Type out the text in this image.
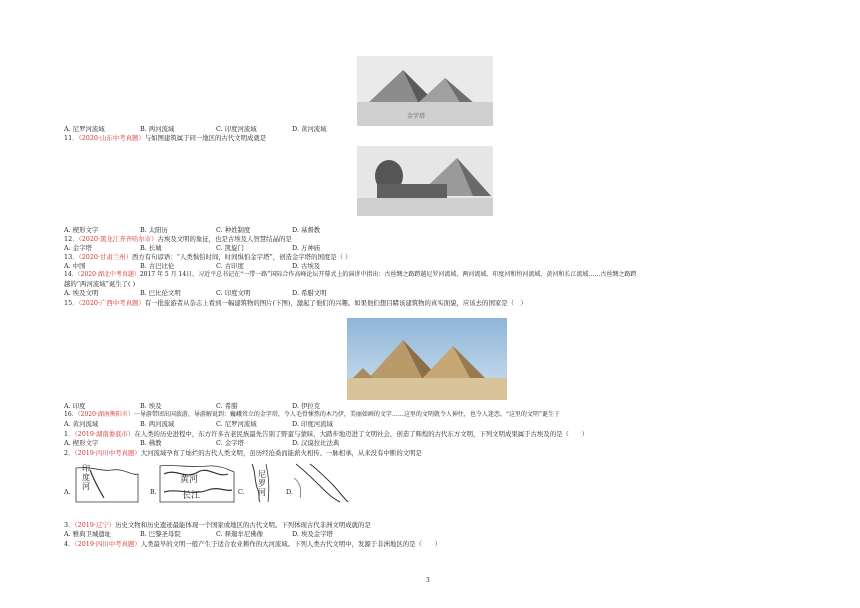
金字塔
A. 尼罗河流域	B. 两河流域	C. 印度河流域	D. 黄河流域
11．（2020·山东中考真题）与如图建筑属于同一地区的古代文明成就是
A. 楔形文字	B. 太阳历	C. 种姓制度	D. 基督教
12．（2020·黑龙江齐齐哈尔市）古埃及文明的象征，也是古埃及人智慧结晶的是
A. 金字塔	B. 长城	C. 凯旋门	D. 万神庙
13．（2020·甘肃兰州）西方有句谚语：“人类惧怕时间，时间惧怕金字塔”，创造金字塔的国度是（ ）
A. 中国	B. 古巴比伦	C. 古印度	D. 古埃及
14．（2020·湖北中考真题）2017 年 5 月 14日，习近平总书记在“一带一路”国际合作高峰论坛开幕式上的演讲中指出：古丝绸之路跨越尼罗河流域、两河流域、印度河和恒河流域、黄河和长江流域……古丝绸之路跨
越的“两河流域”诞生了( )
A. 埃及文明	B. 巴比伦文明	C. 印度文明	D. 希腊文明
15．（2020·广西中考真题）有一批旅游者从杂志上看到一幅建筑物的图片(下图)，激起了他们的兴趣。如果他们想目睹该建筑物的真实面貌，应该去的国家是（　）
A. 印度	B. 埃及	C. 希腊	D. 伊拉克
16．（2020·湖南衡阳市）一导游带团出国旅游，导游解说到：巍峨耸立的金字塔，令人毛骨悚然的木乃伊，美丽如画的文字……这里的文明就令人神往，也令人迷恋。“这里的文明”诞生于
A. 黄河流域	B. 两河流域	C. 尼罗河流域	D. 印度河流域
1．（2019·湖南娄底市）在人类的历史进程中，东方许多古老民族最先告别了野蛮与蒙昧，大踏步地迈进了文明社会，创造了辉煌的古代东方文明，下列文明成果属于古埃及的是（　　）
A. 楔形文字	B. 佛教	C. 金字塔	D. 汉谟拉比法典
2．（2019·四川中考真题）大河流域孕育了灿烂的古代人类文明，虽历经沧桑而能薪火相传、一脉相承，从来没有中断的文明是
A.
印度河
B.
黄河
长江	C.
尼罗河	D.
3．（2019·辽宁）历史文物和历史遗迹最能体现一个国家或地区的古代文明。下列体现古代非洲文明成就的是
A. 雅典卫城遗址	B. 巴黎圣母院	C. 释迦牟尼佛像	D. 埃及金字塔
4．（2019·四川中考真题）人类最早的文明一般产生于适合农业耕作的大河流域。下列人类古代文明中，发源于非洲地区的是（　　）
3
